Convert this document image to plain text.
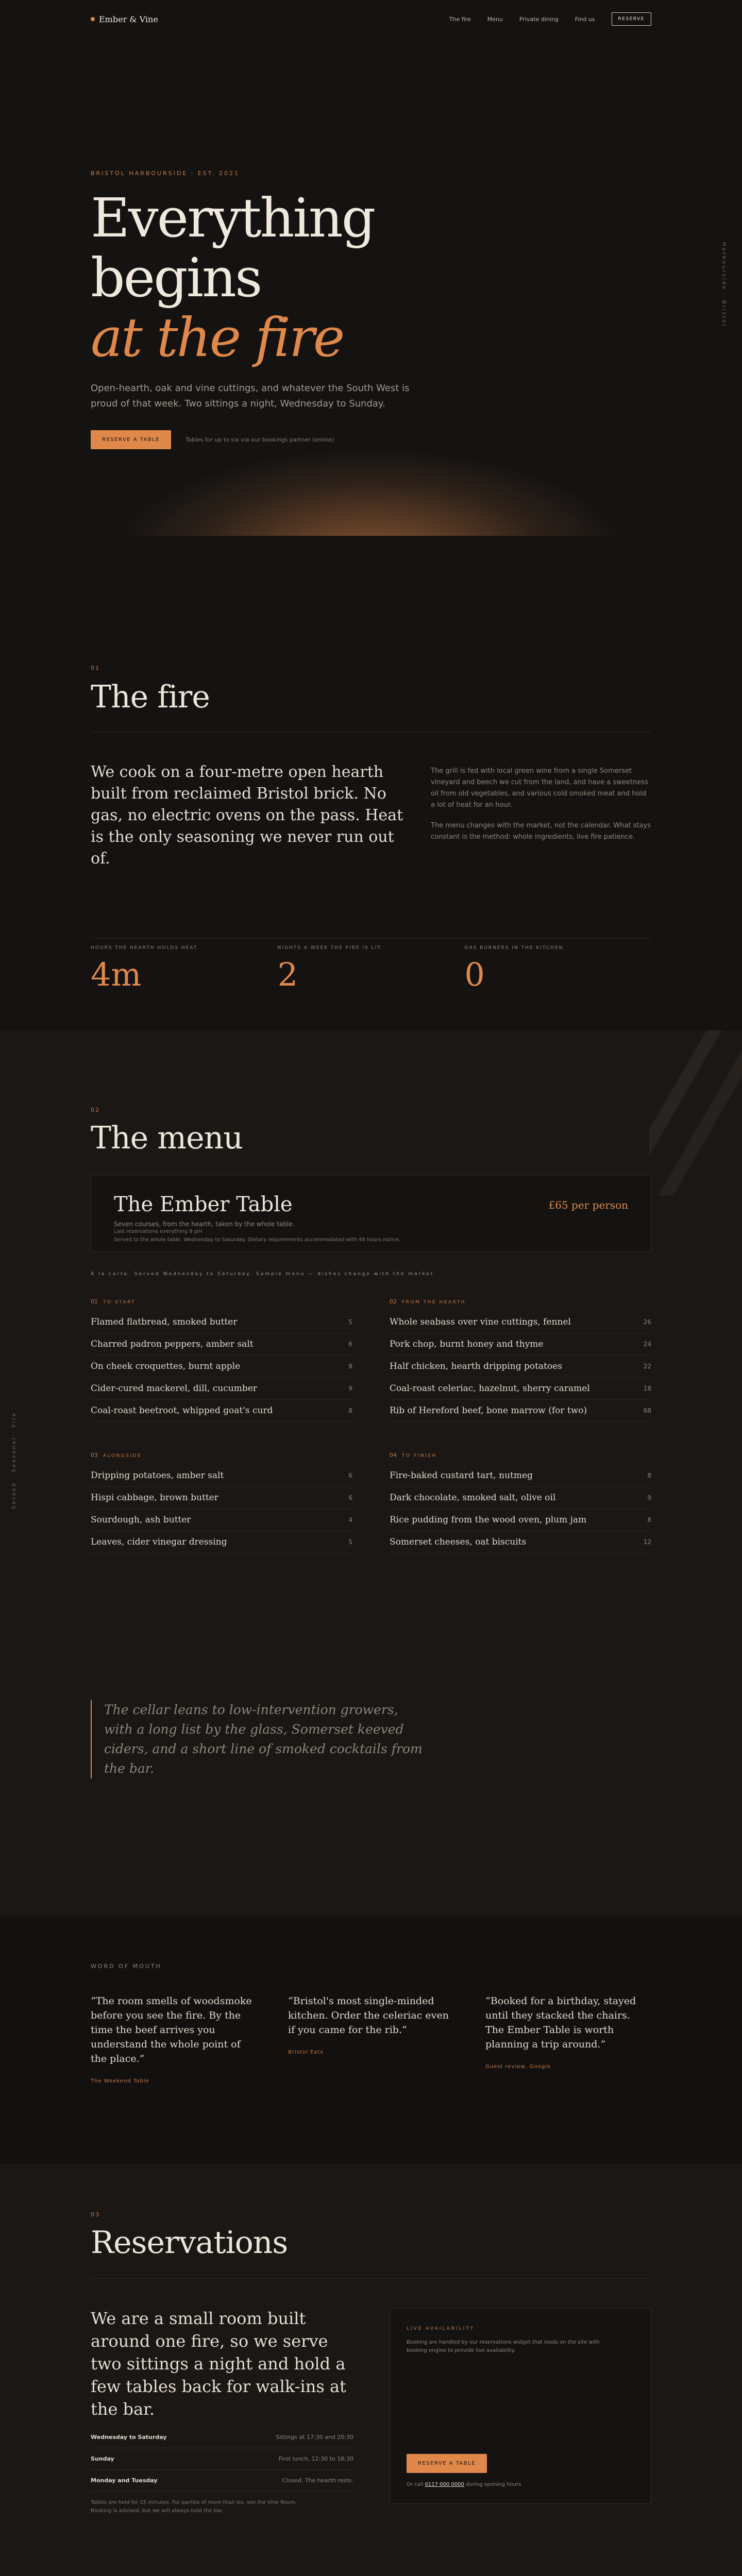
Ember & Vine	The fire	Menu	Private dining	Find us	RESERVE
BRISTOL HARBOURSIDE · EST. 2021
Everything begins
at the fire

Open-hearth, oak and vine cuttings, and whatever the South West is proud of that week. Two sittings a night, Wednesday to Sunday.

RESERVE A TABLE	Tables for up to six via our bookings partner (online)
Harbourside · Bristol
01
The fire
We cook on a four-metre open hearth built from reclaimed Bristol brick. No gas, no electric ovens on the pass. Heat is the only seasoning we never run out of.

The grill is fed with local green wine from a single Somerset vineyard and beech we cut from the land, and have a sweetness oil from old vegetables, and various cold smoked meat and hold a lot of heat for an hour.

The menu changes with the market, not the calendar. What stays constant is the method: whole ingredients, live fire patience.

HOURS THE HEARTH HOLDS HEAT
4m
NIGHTS A WEEK THE FIRE IS LIT
2
GAS BURNERS IN THE KITCHEN
0
Served · Seasonal · Fire
02
The menu
The Ember Table
Seven courses, from the hearth, taken by the whole table.
£65 per person
Last reservations everything 8 pm
Served to the whole table. Wednesday to Saturday. Dietary requirements accommodated with 48 hours notice.
À la carte. Served Wednesday to Saturday. Sample menu — dishes change with the market
01 TO START
Flamed flatbread, smoked butter	5
Charred padron peppers, amber salt	6
On cheek croquettes, burnt apple	8
Cider-cured mackerel, dill, cucumber	9
Coal-roast beetroot, whipped goat's curd	8
03 ALONGSIDE
Dripping potatoes, amber salt	6
Hispi cabbage, brown butter	6
Sourdough, ash butter	4
Leaves, cider vinegar dressing	5
02 FROM THE HEARTH
Whole seabass over vine cuttings, fennel	26
Pork chop, burnt honey and thyme	24
Half chicken, hearth dripping potatoes	22
Coal-roast celeriac, hazelnut, sherry caramel	18
Rib of Hereford beef, bone marrow (for two)	68
04 TO FINISH
Fire-baked custard tart, nutmeg	8
Dark chocolate, smoked salt, olive oil	9
Rice pudding from the wood oven, plum jam	8
Somerset cheeses, oat biscuits	12
The cellar leans to low-intervention growers, with a long list by the glass, Somerset keeved ciders, and a short line of smoked cocktails from the bar.
WORD OF MOUTH
“The room smells of woodsmoke before you see the fire. By the time the beef arrives you understand the whole point of the place.”
The Weekend Table
“Bristol's most single-minded kitchen. Order the celeriac even if you came for the rib.”
Bristol Eats
“Booked for a birthday, stayed until they stacked the chairs. The Ember Table is worth planning a trip around.”
Guest review, Google
03
Reservations
We are a small room built around one fire, so we serve two sittings a night and hold a few tables back for walk-ins at the bar.
Wednesday to Saturday	Sittings at 17:30 and 20:30
Sunday	First lunch, 12:30 to 16:30
Monday and Tuesday	Closed. The hearth rests.
Tables are held for 15 minutes. For parties of more than six, see the Vine Room. Booking is advised, but we will always hold the bar.
LIVE AVAILABILITY
Booking are handled by our reservations widget that loads on the site with booking engine to provide live availability.
RESERVE A TABLE
Or call 0117 000 0000 during opening hours
